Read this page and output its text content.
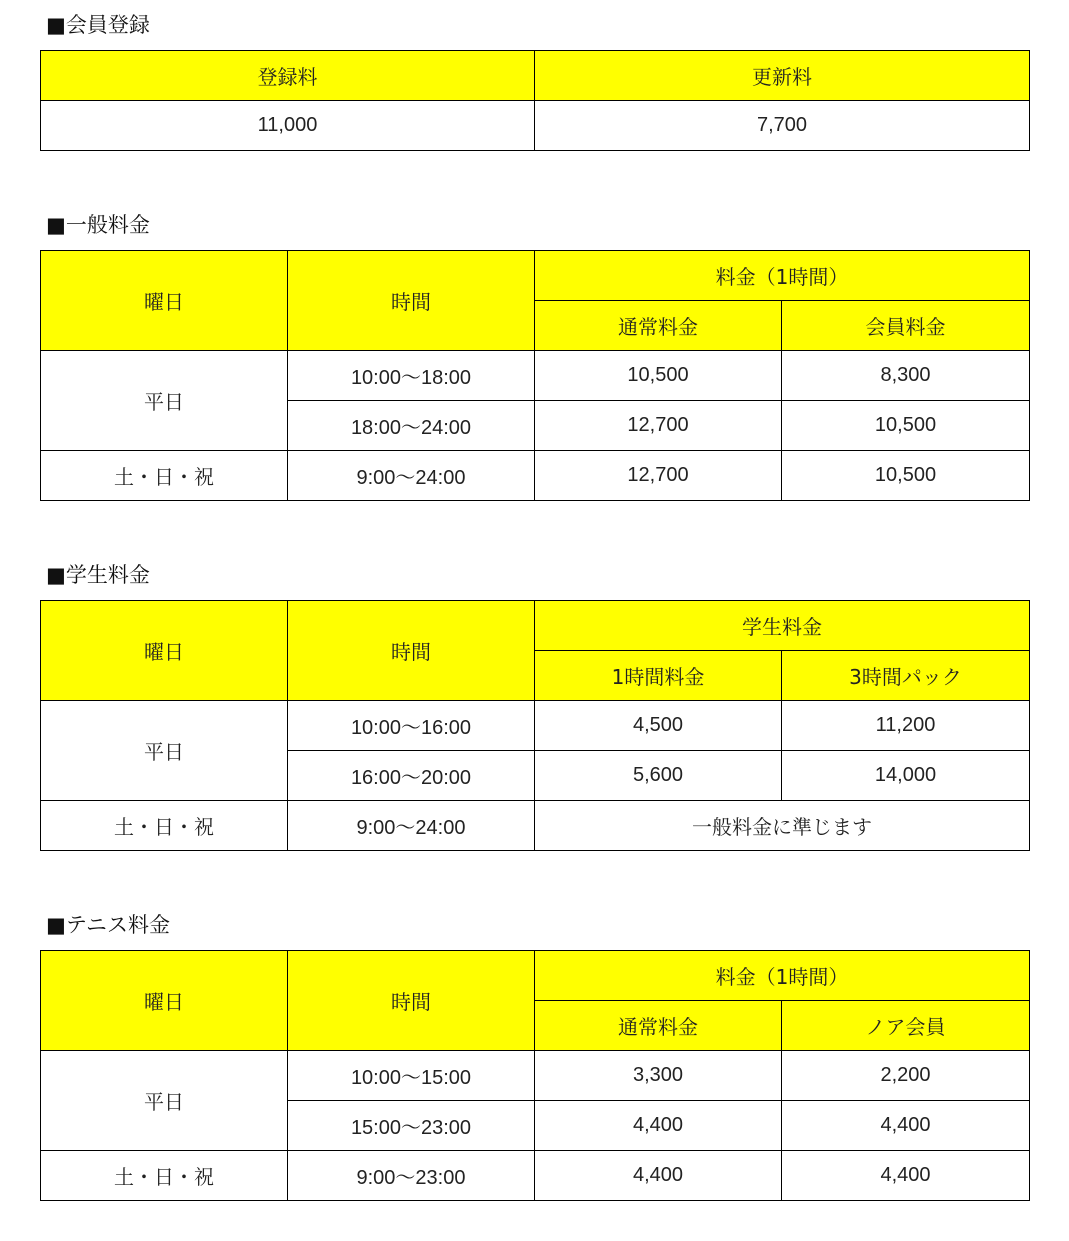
■会員登録
登録料	更新料
11,000	7,700
■一般料金
曜日	時間	料金（1時間）	
		通常料金	会員料金
平日	10:00～18:00	10,500	8,300
	18:00～24:00	12,700	10,500
土・日・祝	9:00～24:00	12,700	10,500
■学生料金
曜日	時間	学生料金	
		1時間料金	3時間パック
平日	10:00～16:00	4,500	11,200
	16:00～20:00	5,600	14,000
土・日・祝	9:00～24:00	一般料金に準じます	
■テニス料金
曜日	時間	料金（1時間）	
		通常料金	ノア会員
平日	10:00～15:00	3,300	2,200
	15:00～23:00	4,400	4,400
土・日・祝	9:00～23:00	4,400	4,400
